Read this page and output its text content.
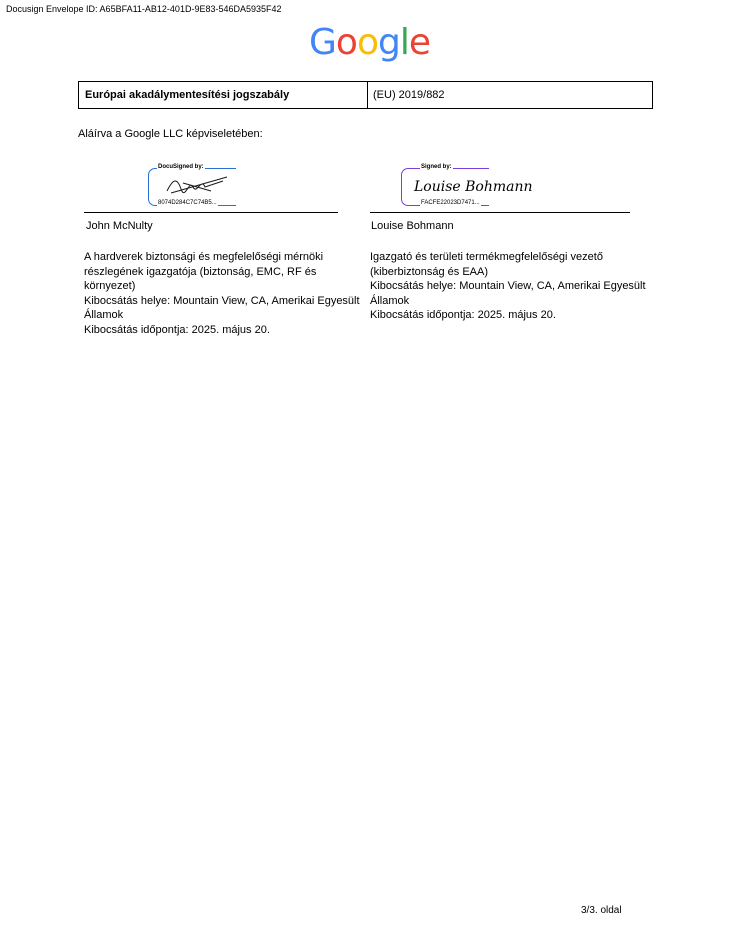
Docusign Envelope ID: A65BFA11-AB12-401D-9E83-546DA5935F42
Google
Európai akadálymentesítési jogszabály	(EU) 2019/882
Aláírva a Google LLC képviseletében:
DocuSigned by:
8074D284C7C74B5...
John McNulty
A hardverek biztonsági és megfelelőségi mérnöki részlegének igazgatója (biztonság, EMC, RF és környezet)
Kibocsátás helye: Mountain View, CA, Amerikai Egyesült Államok
Kibocsátás időpontja: 2025. május 20.
Signed by:
Louise Bohmann
FACFE22023D7471...
Louise Bohmann
Igazgató és területi termékmegfelelőségi vezető (kiberbiztonság és EAA)
Kibocsátás helye: Mountain View, CA, Amerikai Egyesült Államok
Kibocsátás időpontja: 2025. május 20.
3/3. oldal
